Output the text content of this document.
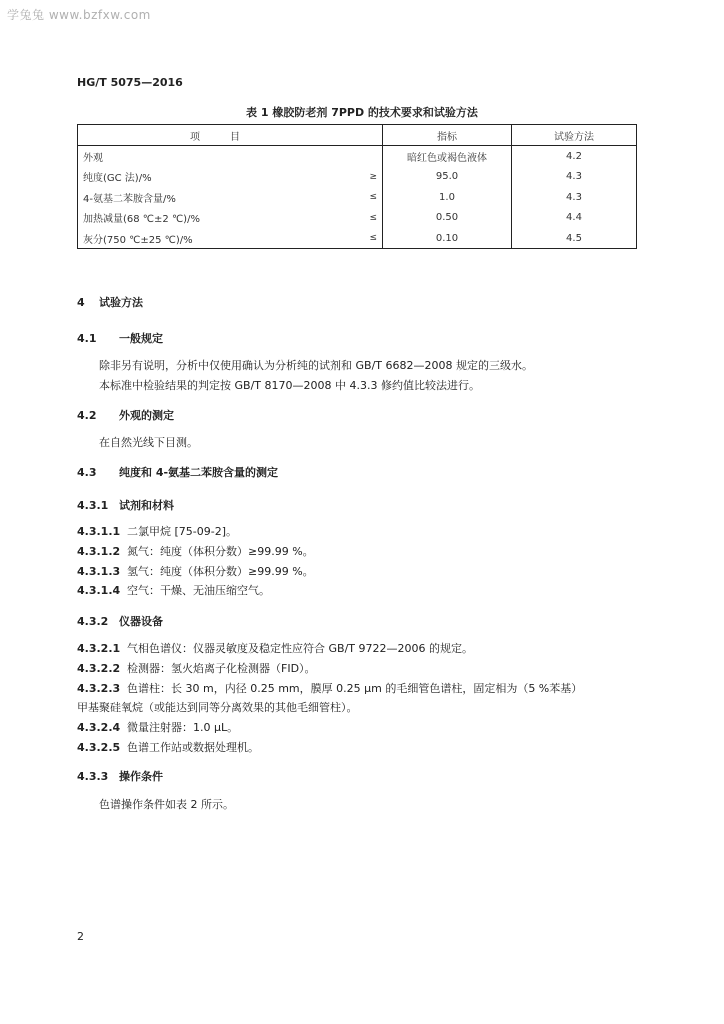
学兔兔 www.bzfxw.com
HG/T 5075—2016
表 1 橡胶防老剂 7PPD 的技术要求和试验方法
项目		指标	试验方法
外观		暗红色或褐色液体	4.2
纯度(GC 法)/%	≥	95.0	4.3
4-氨基二苯胺含量/%	≤	1.0	4.3
加热减量(68 ℃±2 ℃)/%	≤	0.50	4.4
灰分(750 ℃±25 ℃)/%	≤	0.10	4.5
4 试验方法
4.1 一般规定
除非另有说明，分析中仅使用确认为分析纯的试剂和 GB/T 6682—2008 规定的三级水。
本标准中检验结果的判定按 GB/T 8170—2008 中 4.3.3 修约值比较法进行。
4.2 外观的测定
在自然光线下目测。
4.3 纯度和 4-氨基二苯胺含量的测定
4.3.1 试剂和材料
4.3.1.1 二氯甲烷 [75-09-2]。
4.3.1.2 氮气：纯度（体积分数）≥99.99 %。
4.3.1.3 氢气：纯度（体积分数）≥99.99 %。
4.3.1.4 空气：干燥、无油压缩空气。
4.3.2 仪器设备
4.3.2.1 气相色谱仪：仪器灵敏度及稳定性应符合 GB/T 9722—2006 的规定。
4.3.2.2 检测器：氢火焰离子化检测器（FID）。
4.3.2.3 色谱柱：长 30 m，内径 0.25 mm，膜厚 0.25 μm 的毛细管色谱柱，固定相为（5 %苯基）
甲基聚硅氧烷（或能达到同等分离效果的其他毛细管柱）。
4.3.2.4 微量注射器：1.0 μL。
4.3.2.5 色谱工作站或数据处理机。
4.3.3 操作条件
色谱操作条件如表 2 所示。
2
